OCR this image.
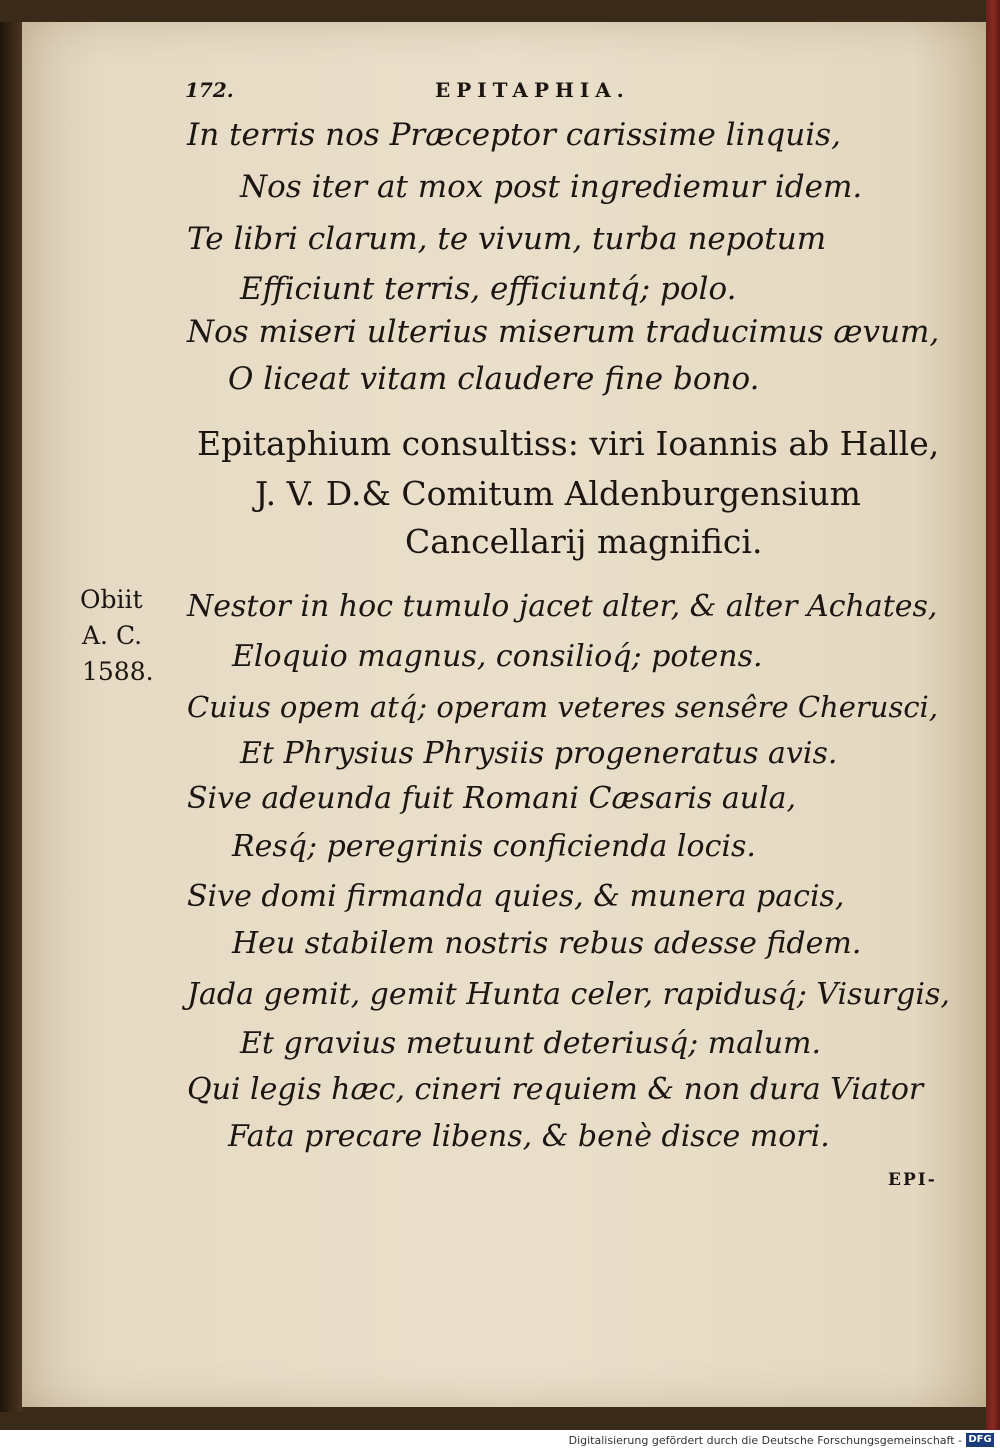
172.	EPITAPHIA.
In terris nos Præceptor carissime linquis,
Nos iter at mox post ingrediemur idem.
Te libri clarum, te vivum, turba nepotum
Efficiunt terris, efficiuntq́; polo.
Nos miseri ulterius miserum traducimus ævum,
O liceat vitam claudere fine bono.
Epitaphium consultiss: viri Ioannis ab Halle,
J. V. D.& Comitum Aldenburgensium
Cancellarij magnifici.
Obiit
A. C.
1588.
Nestor in hoc tumulo jacet alter, & alter Achates,
Eloquio magnus, consilioq́; potens.
Cuius opem atq́; operam veteres sensêre Cherusci,
Et Phrysius Phrysiis progeneratus avis.
Sive adeunda fuit Romani Cæsaris aula,
Resq́; peregrinis conficienda locis.
Sive domi firmanda quies, & munera pacis,
Heu stabilem nostris rebus adesse fidem.
Jada gemit, gemit Hunta celer, rapidusq́; Visurgis,
Et gravius metuunt deteriusq́; malum.
Qui legis hæc, cineri requiem & non dura Viator
Fata precare libens, & benè disce mori.
EPI-
Digitalisierung gefördert durch die Deutsche Forschungsgemeinschaft - DFG
